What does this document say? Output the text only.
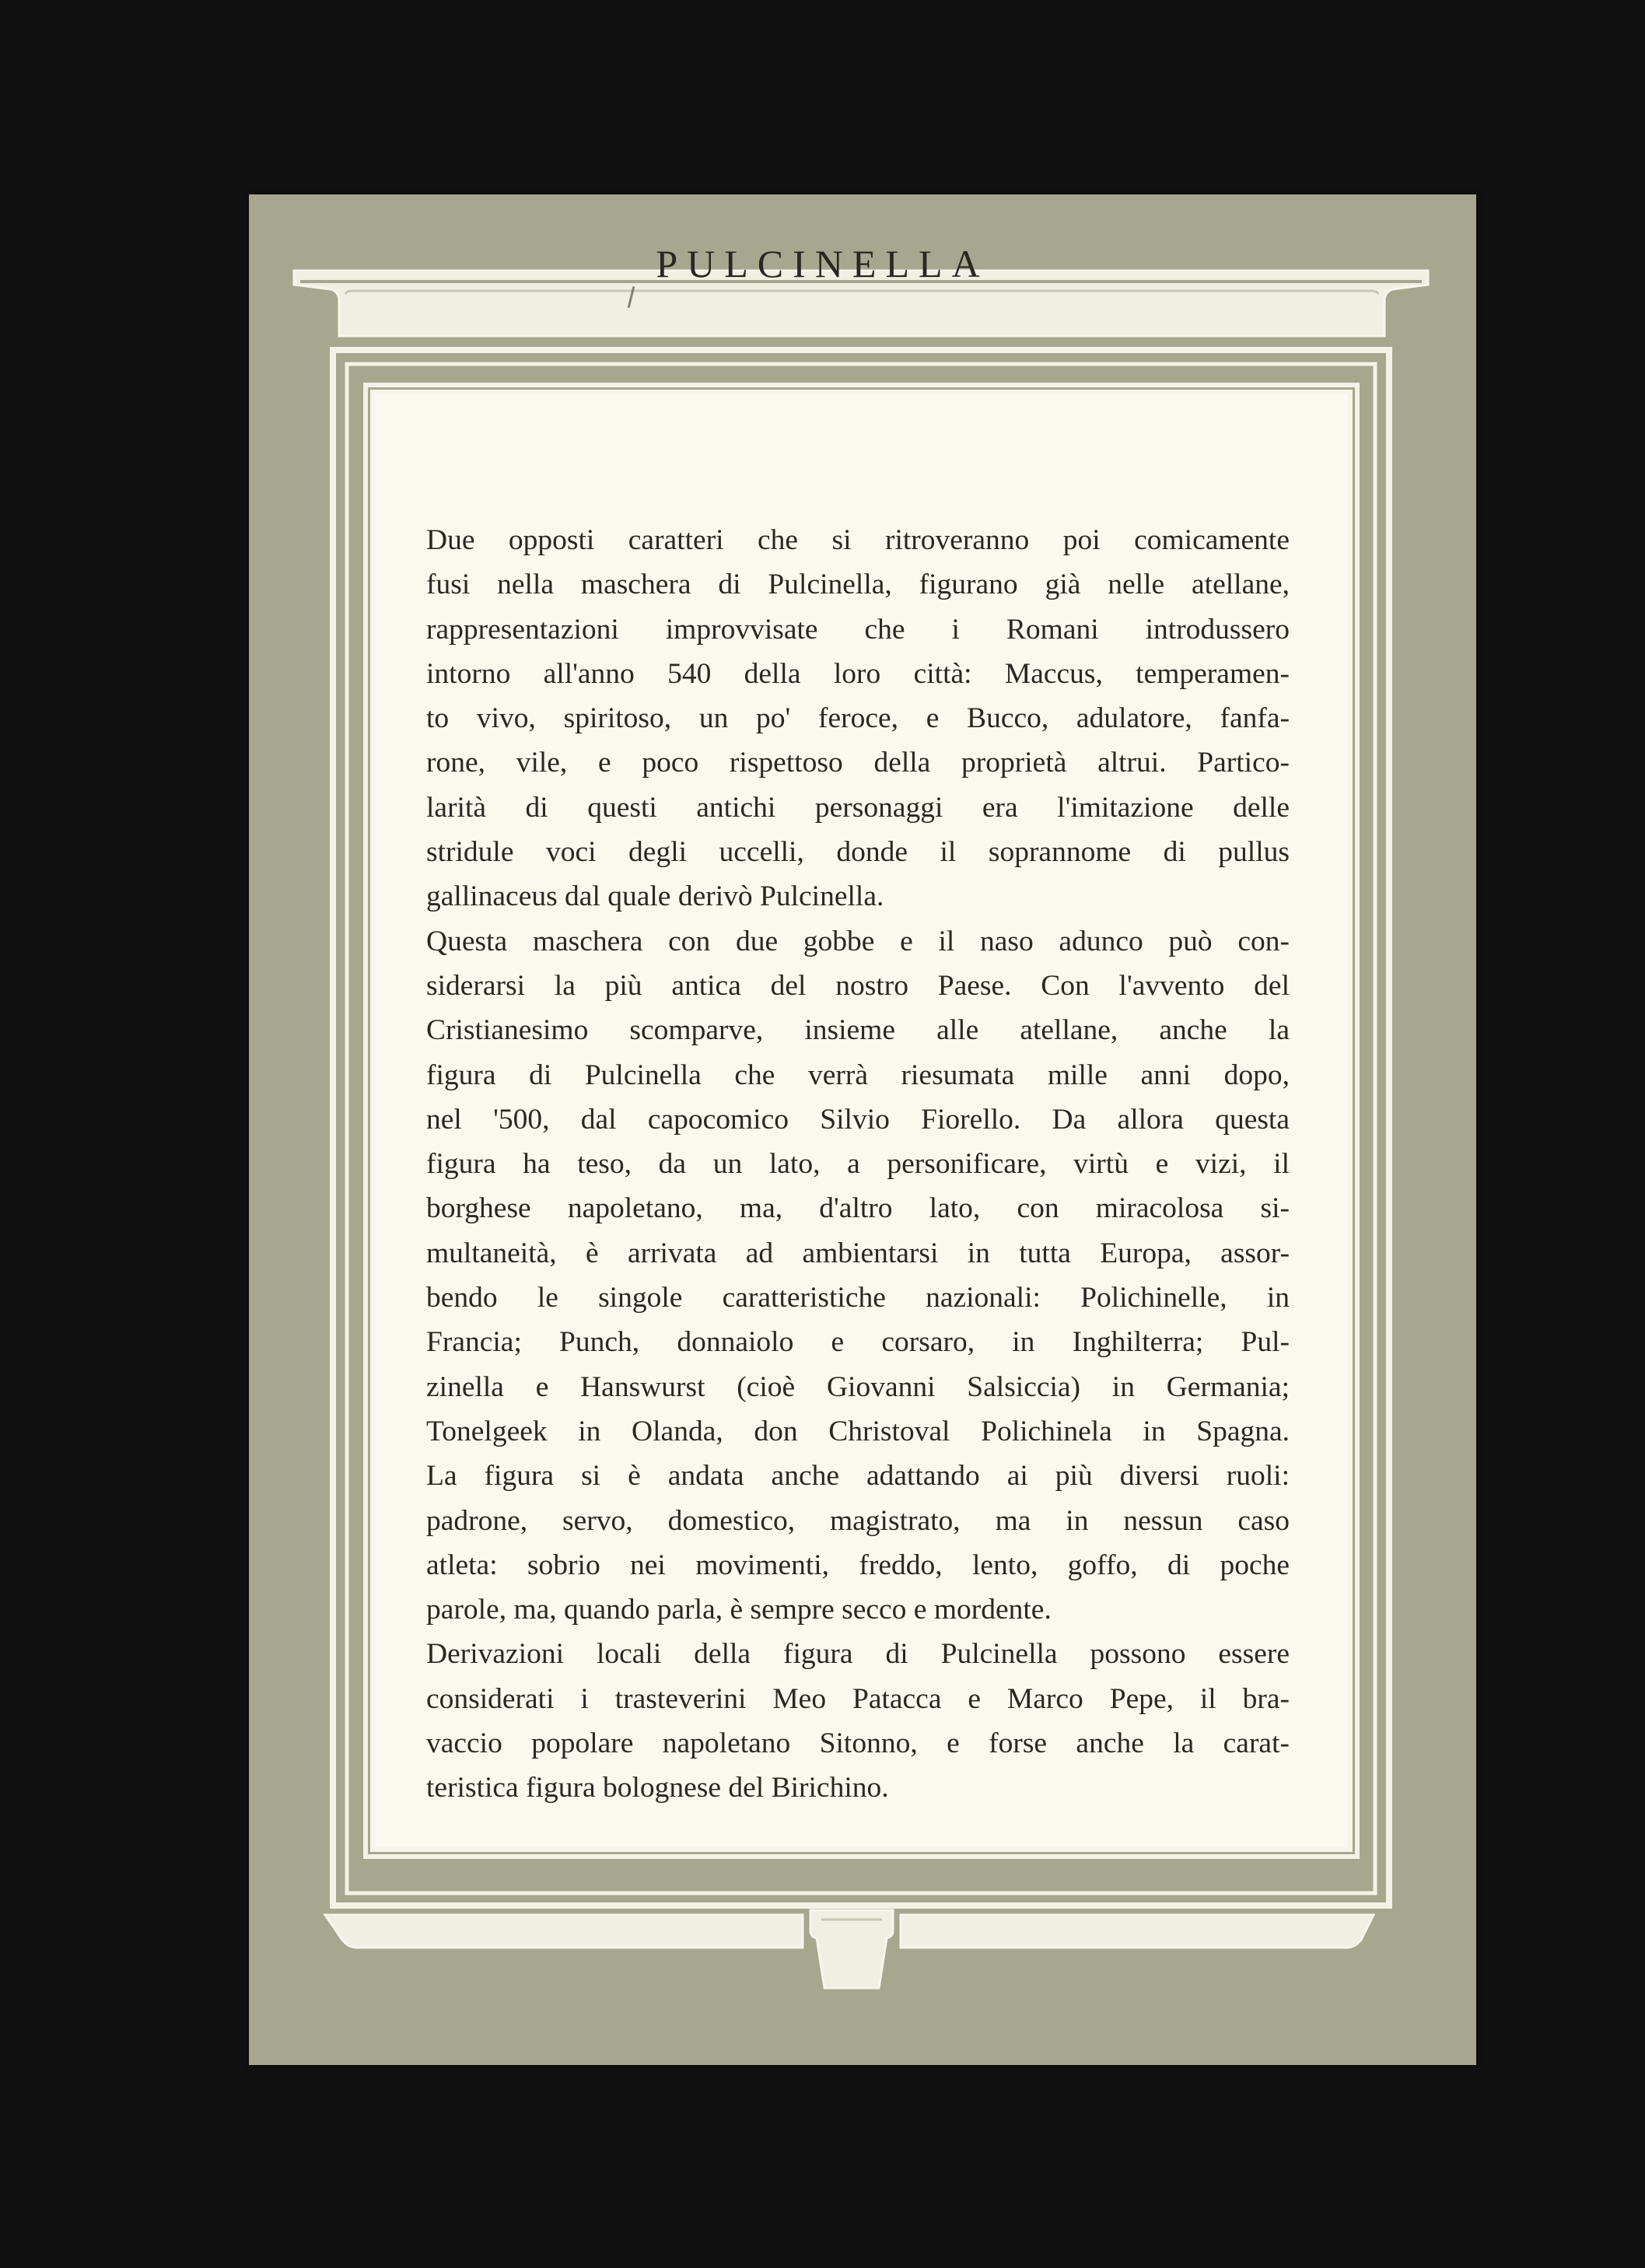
PULCINELLA
Due opposti caratteri che si ritroveranno poi comicamente
fusi nella maschera di Pulcinella, figurano già nelle atellane,
rappresentazioni improvvisate che i Romani introdussero
intorno all'anno 540 della loro città: Maccus, temperamen-
to vivo, spiritoso, un po' feroce, e Bucco, adulatore, fanfa-
rone, vile, e poco rispettoso della proprietà altrui. Partico-
larità di questi antichi personaggi era l'imitazione delle
stridule voci degli uccelli, donde il soprannome di pullus
gallinaceus dal quale derivò Pulcinella.
Questa maschera con due gobbe e il naso adunco può con-
siderarsi la più antica del nostro Paese. Con l'avvento del
Cristianesimo scomparve, insieme alle atellane, anche la
figura di Pulcinella che verrà riesumata mille anni dopo,
nel '500, dal capocomico Silvio Fiorello. Da allora questa
figura ha teso, da un lato, a personificare, virtù e vizi, il
borghese napoletano, ma, d'altro lato, con miracolosa si-
multaneità, è arrivata ad ambientarsi in tutta Europa, assor-
bendo le singole caratteristiche nazionali: Polichinelle, in
Francia; Punch, donnaiolo e corsaro, in Inghilterra; Pul-
zinella e Hanswurst (cioè Giovanni Salsiccia) in Germania;
Tonelgeek in Olanda, don Christoval Polichinela in Spagna.
La figura si è andata anche adattando ai più diversi ruoli:
padrone, servo, domestico, magistrato, ma in nessun caso
atleta: sobrio nei movimenti, freddo, lento, goffo, di poche
parole, ma, quando parla, è sempre secco e mordente.
Derivazioni locali della figura di Pulcinella possono essere
considerati i trasteverini Meo Patacca e Marco Pepe, il bra-
vaccio popolare napoletano Sitonno, e forse anche la carat-
teristica figura bolognese del Birichino.
